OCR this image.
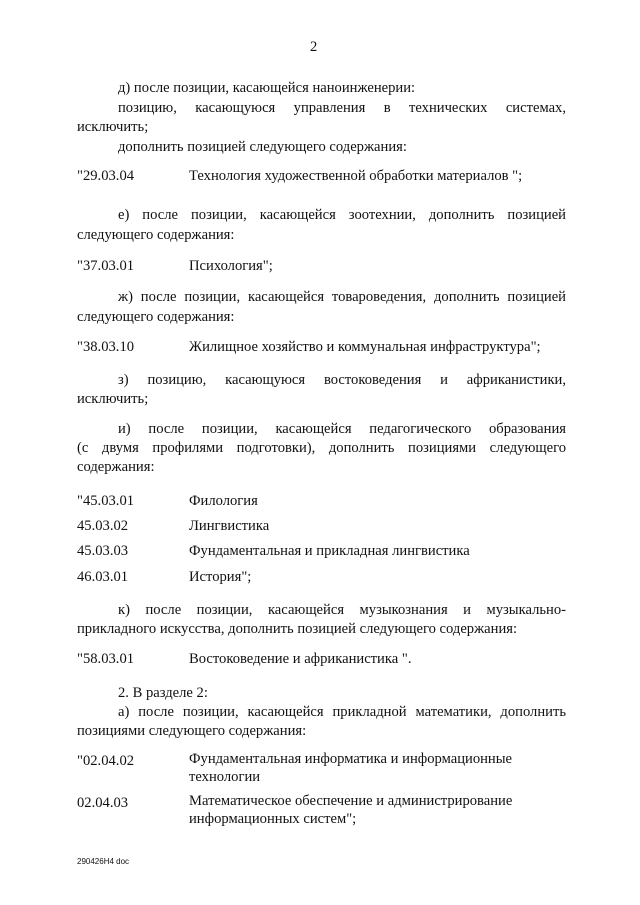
2
д) после позиции, касающейся наноинженерии:
позицию, касающуюся управления в технических системах,
исключить;
дополнить позицией следующего содержания:
"29.03.04	Технология художественной обработки материалов ";
е) после позиции, касающейся зоотехнии, дополнить позицией
следующего содержания:
"37.03.01	Психология";
ж) после позиции, касающейся товароведения, дополнить позицией
следующего содержания:
"38.03.10	Жилищное хозяйство и коммунальная инфраструктура";
з) позицию, касающуюся востоковедения и африканистики,
исключить;
и) после позиции, касающейся педагогического образования
(с двумя профилями подготовки), дополнить позициями следующего
содержания:
"45.03.01	Филология
45.03.02	Лингвистика
45.03.03	Фундаментальная и прикладная лингвистика
46.03.01	История";
к) после позиции, касающейся музыкознания и музыкально-
прикладного искусства, дополнить позицией следующего содержания:
"58.03.01	Востоковедение и африканистика ".
2. В разделе 2:
а) после позиции, касающейся прикладной математики, дополнить
позициями следующего содержания:
"02.04.02	Фундаментальная информатика и информационные
технологии
02.04.03	Математическое обеспечение и администрирование
информационных систем";
290426H4 doc
